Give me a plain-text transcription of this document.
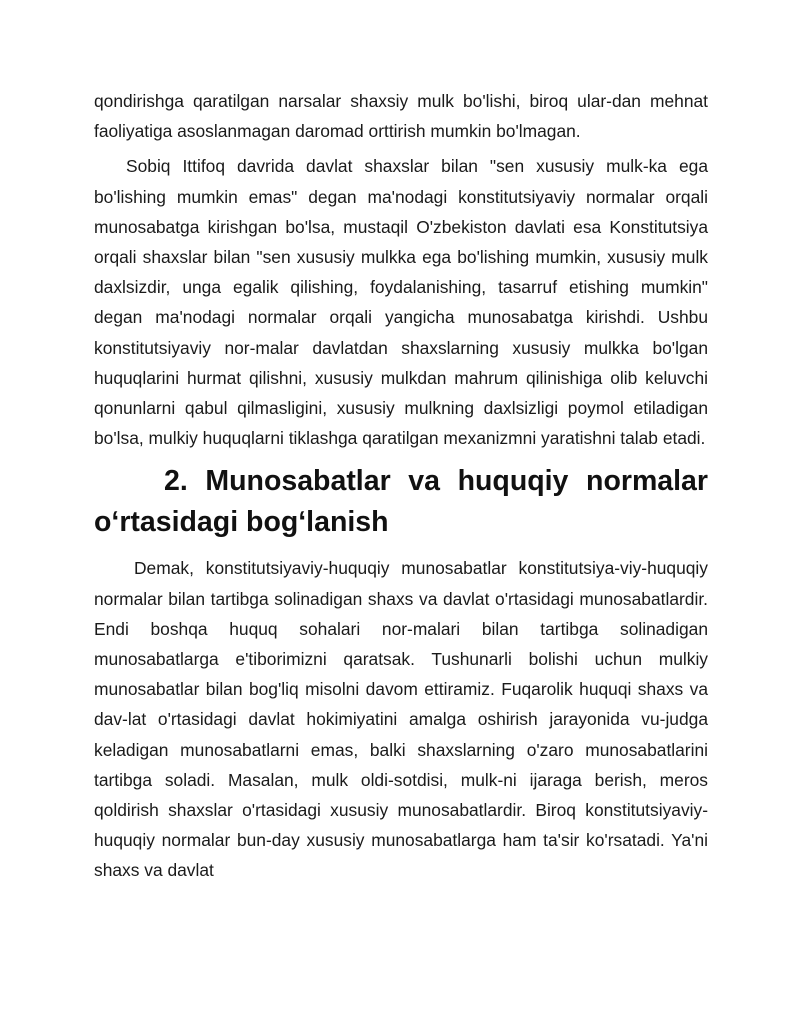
qondirishga qaratilgan narsalar shaxsiy mulk bo'lishi, biroq ular-dan mehnat faoliyatiga asoslanmagan daromad orttirish mumkin bo'lmagan.

Sobiq Ittifoq davrida davlat shaxslar bilan "sen xususiy mulk-ka ega bo'lishing mumkin emas" degan ma'nodagi konstitutsiyaviy normalar orqali munosabatga kirishgan bo'lsa, mustaqil O'zbekiston davlati esa Konstitutsiya orqali shaxslar bilan "sen xususiy mulkka ega bo'lishing mumkin, xususiy mulk daxlsizdir, unga egalik qilishing, foydalanishing, tasarruf etishing mumkin" degan ma'nodagi normalar orqali yangicha munosabatga kirishdi. Ushbu konstitutsiyaviy nor-malar davlatdan shaxslarning xususiy mulkka bo'lgan huquqlarini hurmat qilishni, xususiy mulkdan mahrum qilinishiga olib keluvchi qonunlarni qabul qilmasligini, xususiy mulkning daxlsizligi poymol etiladigan bo'lsa, mulkiy huquqlarni tiklashga qaratilgan mexanizmni yaratishni talab etadi.

2. Munosabatlar va huquqiy normalar oʻrtasidagi bogʻlanish

Demak, konstitutsiyaviy-huquqiy munosabatlar konstitutsiya-viy-huquqiy normalar bilan tartibga solinadigan shaxs va davlat o'rtasidagi munosabatlardir. Endi boshqa huquq sohalari nor-malari bilan tartibga solinadigan munosabatlarga e'tiborimizni qaratsak. Tushunarli bolishi uchun mulkiy munosabatlar bilan bog'liq misolni davom ettiramiz. Fuqarolik huquqi shaxs va dav-lat o'rtasidagi davlat hokimiyatini amalga oshirish jarayonida vu-judga keladigan munosabatlarni emas, balki shaxslarning o'zaro munosabatlarini tartibga soladi. Masalan, mulk oldi-sotdisi, mulk-ni ijaraga berish, meros qoldirish shaxslar o'rtasidagi xususiy munosabatlardir. Biroq konstitutsiyaviy-huquqiy normalar bun-day xususiy munosabatlarga ham ta'sir ko'rsatadi. Ya'ni shaxs va davlat
